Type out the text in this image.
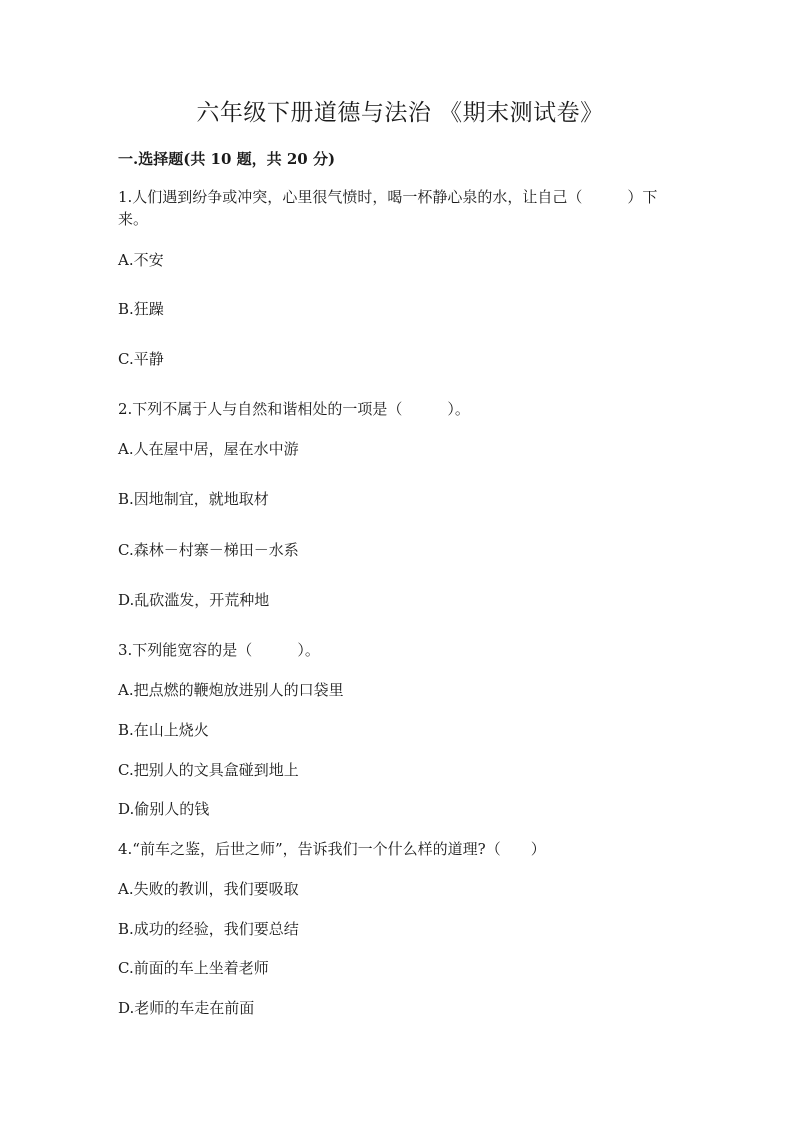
六年级下册道德与法治 《期末测试卷》
一.选择题(共 10 题，共 20 分)
1.人们遇到纷争或冲突，心里很气愤时，喝一杯静心泉的水，让自己（　　　）下来。
A.不安
B.狂躁
C.平静
2.下列不属于人与自然和谐相处的一项是（　　　）。
A.人在屋中居，屋在水中游
B.因地制宜，就地取材
C.森林－村寨－梯田－水系
D.乱砍滥发，开荒种地
3.下列能宽容的是（　　　）。
A.把点燃的鞭炮放进别人的口袋里
B.在山上烧火
C.把别人的文具盒碰到地上
D.偷别人的钱
4.“前车之鉴，后世之师”，告诉我们一个什么样的道理?（　　）
A.失败的教训，我们要吸取
B.成功的经验，我们要总结
C.前面的车上坐着老师
D.老师的车走在前面
